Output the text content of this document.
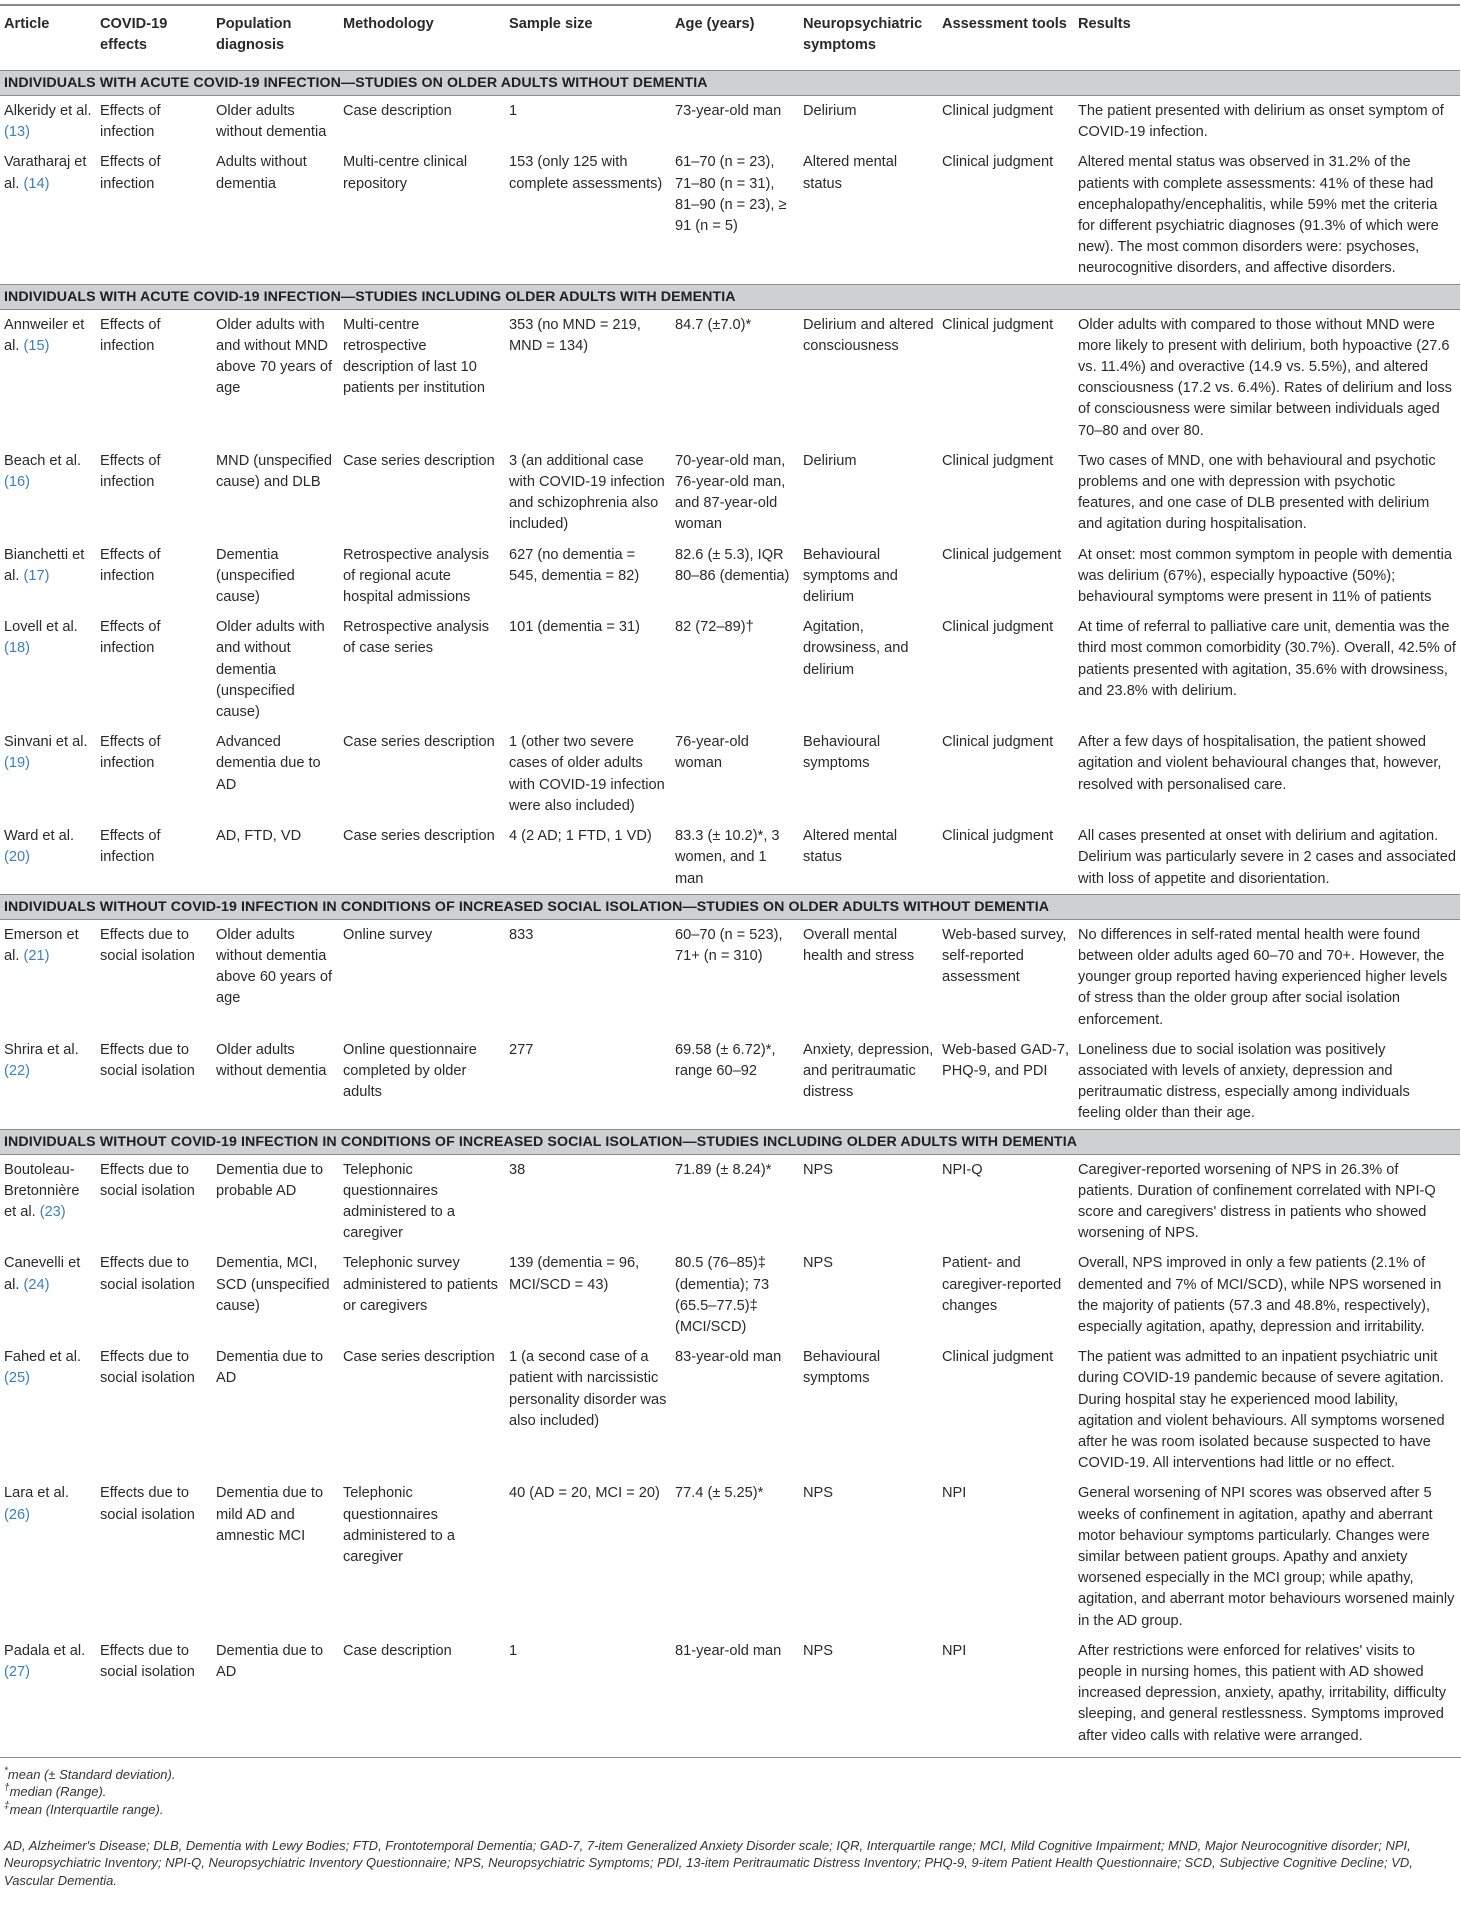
Article	COVID-19 effects	Population diagnosis	Methodology	Sample size	Age (years)	Neuropsychiatric symptoms	Assessment tools	Results
INDIVIDUALS WITH ACUTE COVID-19 INFECTION—STUDIES ON OLDER ADULTS WITHOUT DEMENTIA								
Alkeridy et al. (13)	Effects of infection	Older adults without dementia	Case description	1	73-year-old man	Delirium	Clinical judgment	The patient presented with delirium as onset symptom of COVID-19 infection.
Varatharaj et al. (14)	Effects of infection	Adults without dementia	Multi-centre clinical repository	153 (only 125 with complete assessments)	61–70 (n = 23), 71–80 (n = 31), 81–90 (n = 23), ≥ 91 (n = 5)	Altered mental status	Clinical judgment	Altered mental status was observed in 31.2% of the patients with complete assessments: 41% of these had encephalopathy/encephalitis, while 59% met the criteria for different psychiatric diagnoses (91.3% of which were new). The most common disorders were: psychoses, neurocognitive disorders, and affective disorders.
INDIVIDUALS WITH ACUTE COVID-19 INFECTION—STUDIES INCLUDING OLDER ADULTS WITH DEMENTIA								
Annweiler et al. (15)	Effects of infection	Older adults with and without MND above 70 years of age	Multi-centre retrospective description of last 10 patients per institution	353 (no MND = 219, MND = 134)	84.7 (±7.0)*	Delirium and altered consciousness	Clinical judgment	Older adults with compared to those without MND were more likely to present with delirium, both hypoactive (27.6 vs. 11.4%) and overactive (14.9 vs. 5.5%), and altered consciousness (17.2 vs. 6.4%). Rates of delirium and loss of consciousness were similar between individuals aged 70–80 and over 80.
Beach et al. (16)	Effects of infection	MND (unspecified cause) and DLB	Case series description	3 (an additional case with COVID-19 infection and schizophrenia also included)	70-year-old man, 76-year-old man, and 87-year-old woman	Delirium	Clinical judgment	Two cases of MND, one with behavioural and psychotic problems and one with depression with psychotic features, and one case of DLB presented with delirium and agitation during hospitalisation.
Bianchetti et al. (17)	Effects of infection	Dementia (unspecified cause)	Retrospective analysis of regional acute hospital admissions	627 (no dementia = 545, dementia = 82)	82.6 (± 5.3), IQR 80–86 (dementia)	Behavioural symptoms and delirium	Clinical judgement	At onset: most common symptom in people with dementia was delirium (67%), especially hypoactive (50%); behavioural symptoms were present in 11% of patients
Lovell et al. (18)	Effects of infection	Older adults with and without dementia (unspecified cause)	Retrospective analysis of case series	101 (dementia = 31)	82 (72–89)†	Agitation, drowsiness, and delirium	Clinical judgment	At time of referral to palliative care unit, dementia was the third most common comorbidity (30.7%). Overall, 42.5% of patients presented with agitation, 35.6% with drowsiness, and 23.8% with delirium.
Sinvani et al. (19)	Effects of infection	Advanced dementia due to AD	Case series description	1 (other two severe cases of older adults with COVID-19 infection were also included)	76-year-old woman	Behavioural symptoms	Clinical judgment	After a few days of hospitalisation, the patient showed agitation and violent behavioural changes that, however, resolved with personalised care.
Ward et al. (20)	Effects of infection	AD, FTD, VD	Case series description	4 (2 AD; 1 FTD, 1 VD)	83.3 (± 10.2)*, 3 women, and 1 man	Altered mental status	Clinical judgment	All cases presented at onset with delirium and agitation. Delirium was particularly severe in 2 cases and associated with loss of appetite and disorientation.
INDIVIDUALS WITHOUT COVID-19 INFECTION IN CONDITIONS OF INCREASED SOCIAL ISOLATION—STUDIES ON OLDER ADULTS WITHOUT DEMENTIA								
Emerson et al. (21)	Effects due to social isolation	Older adults without dementia above 60 years of age	Online survey	833	60–70 (n = 523), 71+ (n = 310)	Overall mental health and stress	Web-based survey, self-reported assessment	No differences in self-rated mental health were found between older adults aged 60–70 and 70+. However, the younger group reported having experienced higher levels of stress than the older group after social isolation enforcement.
Shrira et al. (22)	Effects due to social isolation	Older adults without dementia	Online questionnaire completed by older adults	277	69.58 (± 6.72)*, range 60–92	Anxiety, depression, and peritraumatic distress	Web-based GAD-7, PHQ-9, and PDI	Loneliness due to social isolation was positively associated with levels of anxiety, depression and peritraumatic distress, especially among individuals feeling older than their age.
INDIVIDUALS WITHOUT COVID-19 INFECTION IN CONDITIONS OF INCREASED SOCIAL ISOLATION—STUDIES INCLUDING OLDER ADULTS WITH DEMENTIA								
Boutoleau-Bretonnière et al. (23)	Effects due to social isolation	Dementia due to probable AD	Telephonic questionnaires administered to a caregiver	38	71.89 (± 8.24)*	NPS	NPI-Q	Caregiver-reported worsening of NPS in 26.3% of patients. Duration of confinement correlated with NPI-Q score and caregivers' distress in patients who showed worsening of NPS.
Canevelli et al. (24)	Effects due to social isolation	Dementia, MCI, SCD (unspecified cause)	Telephonic survey administered to patients or caregivers	139 (dementia = 96, MCI/SCD = 43)	80.5 (76–85)‡ (dementia); 73 (65.5–77.5)‡ (MCI/SCD)	NPS	Patient- and caregiver-reported changes	Overall, NPS improved in only a few patients (2.1% of demented and 7% of MCI/SCD), while NPS worsened in the majority of patients (57.3 and 48.8%, respectively), especially agitation, apathy, depression and irritability.
Fahed et al. (25)	Effects due to social isolation	Dementia due to AD	Case series description	1 (a second case of a patient with narcissistic personality disorder was also included)	83-year-old man	Behavioural symptoms	Clinical judgment	The patient was admitted to an inpatient psychiatric unit during COVID-19 pandemic because of severe agitation. During hospital stay he experienced mood lability, agitation and violent behaviours. All symptoms worsened after he was room isolated because suspected to have COVID-19. All interventions had little or no effect.
Lara et al. (26)	Effects due to social isolation	Dementia due to mild AD and amnestic MCI	Telephonic questionnaires administered to a caregiver	40 (AD = 20, MCI = 20)	77.4 (± 5.25)*	NPS	NPI	General worsening of NPI scores was observed after 5 weeks of confinement in agitation, apathy and aberrant motor behaviour symptoms particularly. Changes were similar between patient groups. Apathy and anxiety worsened especially in the MCI group; while apathy, agitation, and aberrant motor behaviours worsened mainly in the AD group.
Padala et al. (27)	Effects due to social isolation	Dementia due to AD	Case description	1	81-year-old man	NPS	NPI	After restrictions were enforced for relatives' visits to people in nursing homes, this patient with AD showed increased depression, anxiety, apathy, irritability, difficulty sleeping, and general restlessness. Symptoms improved after video calls with relative were arranged.
*mean (± Standard deviation).
†median (Range).
‡mean (Interquartile range).
AD, Alzheimer's Disease; DLB, Dementia with Lewy Bodies; FTD, Frontotemporal Dementia; GAD-7, 7-item Generalized Anxiety Disorder scale; IQR, Interquartile range; MCI, Mild Cognitive Impairment; MND, Major Neurocognitive disorder; NPI, Neuropsychiatric Inventory; NPI-Q, Neuropsychiatric Inventory Questionnaire; NPS, Neuropsychiatric Symptoms; PDI, 13-item Peritraumatic Distress Inventory; PHQ-9, 9-item Patient Health Questionnaire; SCD, Subjective Cognitive Decline; VD, Vascular Dementia.
